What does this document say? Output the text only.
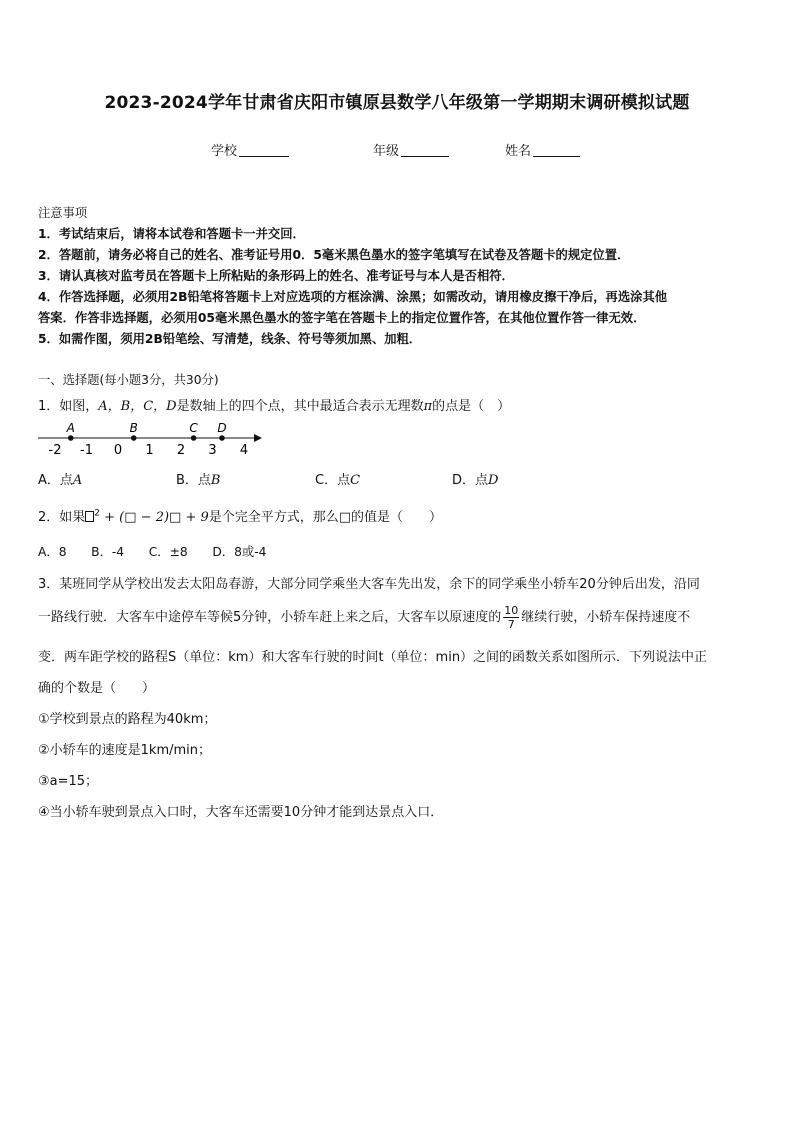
2023-2024学年甘肃省庆阳市镇原县数学八年级第一学期期末调研模拟试题
学校	年级	姓名
注意事项
1．考试结束后，请将本试卷和答题卡一并交回．
2．答题前，请务必将自己的姓名、准考证号用0．5毫米黑色墨水的签字笔填写在试卷及答题卡的规定位置．
3．请认真核对监考员在答题卡上所粘贴的条形码上的姓名、准考证号与本人是否相符．
4．作答选择题，必须用2B铅笔将答题卡上对应选项的方框涂满、涂黑；如需改动，请用橡皮擦干净后，再选涂其他
答案．作答非选择题，必须用05毫米黑色墨水的签字笔在答题卡上的指定位置作答，在其他位置作答一律无效．
5．如需作图，须用2B铅笔绘、写清楚，线条、符号等须加黑、加粗．
一、选择题(每小题3分，共30分)
1．如图，A，B，C，D是数轴上的四个点，其中最适合表示无理数π的点是（　）
-2 -1 0 1 2 3 4
A	B	C D
A．点A	B．点B	C．点C	D．点D
2．如果 $^2$ + (□ − 2)□ + 9是个完全平方式，那么□的值是（　　）
A．8　　B．-4　　C．±8　　D．8或-4
3．某班同学从学校出发去太阳岛春游，大部分同学乘坐大客车先出发，余下的同学乘坐小轿车20分钟后出发，沿同
一路线行驶．大客车中途停车等候5分钟，小轿车赶上来之后，大客车以原速度的 $\frac{10}{7}$ 继续行驶，小轿车保持速度不
变．两车距学校的路程S（单位：km）和大客车行驶的时间t（单位：min）之间的函数关系如图所示．下列说法中正
确的个数是（　　）
①学校到景点的路程为40km；
②小轿车的速度是1km/min；
③a=15；
④当小轿车驶到景点入口时，大客车还需要10分钟才能到达景点入口．
